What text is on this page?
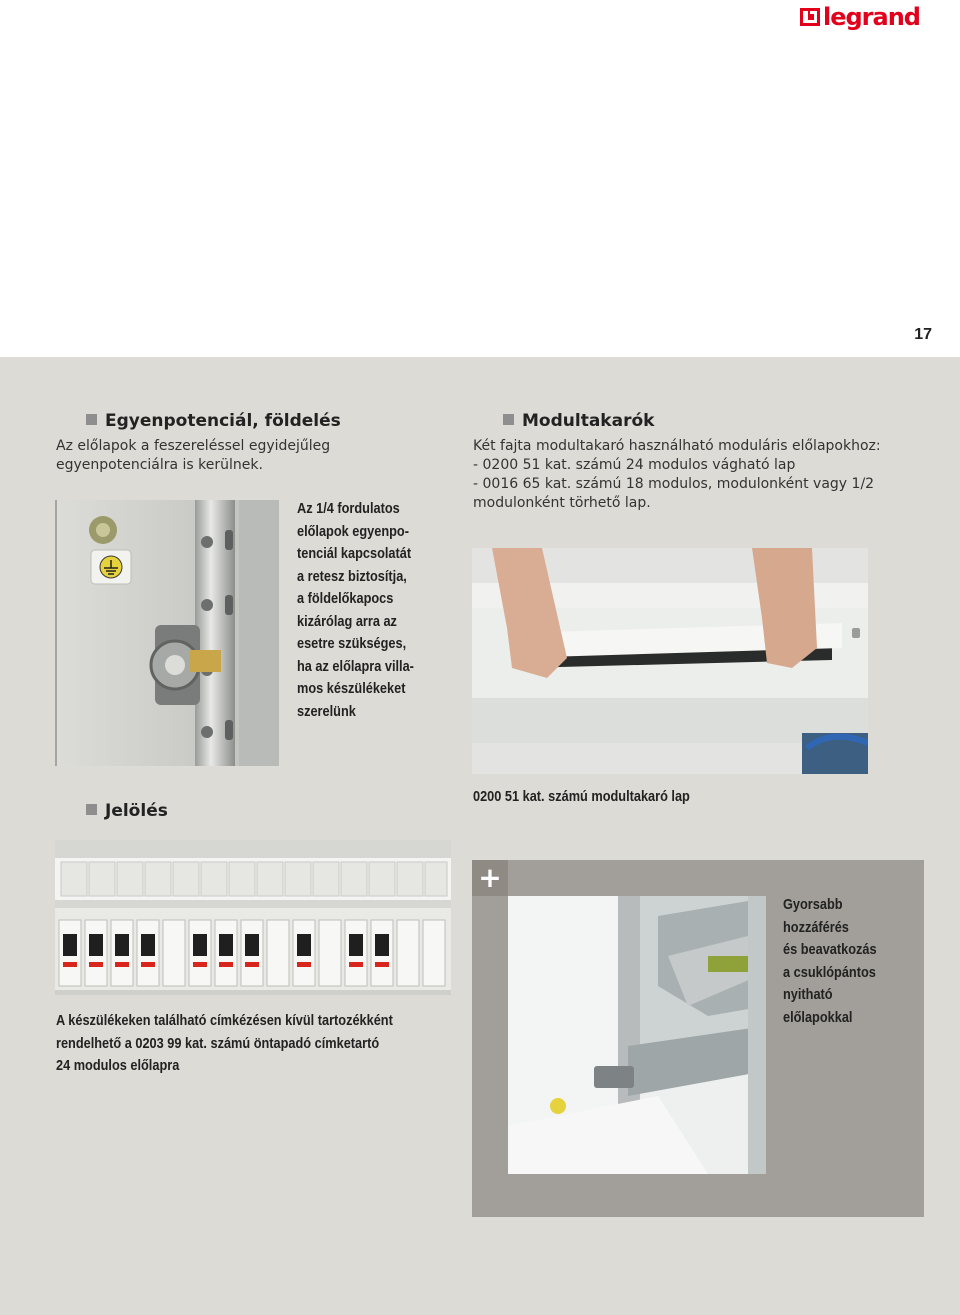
legrand
17
Egyenpotenciál, földelés
Az előlapok a feszereléssel egyidejűleg
egyenpotenciálra is kerülnek.
Az 1/4 fordulatos
előlapok egyenpo-
tenciál kapcsolatát
a retesz biztosítja,
a földelőkapocs
kizárólag arra az
esetre szükséges,
ha az előlapra villa-
mos készülékeket
szerelünk
Modultakarók
Két fajta modultakaró használható moduláris előlapokhoz:
- 0200 51 kat. számú 24 modulos vágható lap
- 0016 65 kat. számú 18 modulos, modulonként vagy 1/2
modulonként törhető lap.
0200 51 kat. számú modultakaró lap
Jelölés
A készülékeken található címkézésen kívül tartozékként
rendelhető a 0203 99 kat. számú öntapadó címketartó
24 modulos előlapra
+
Gyorsabb
hozzáférés
és beavatkozás
a csuklópántos
nyitható
előlapokkal
